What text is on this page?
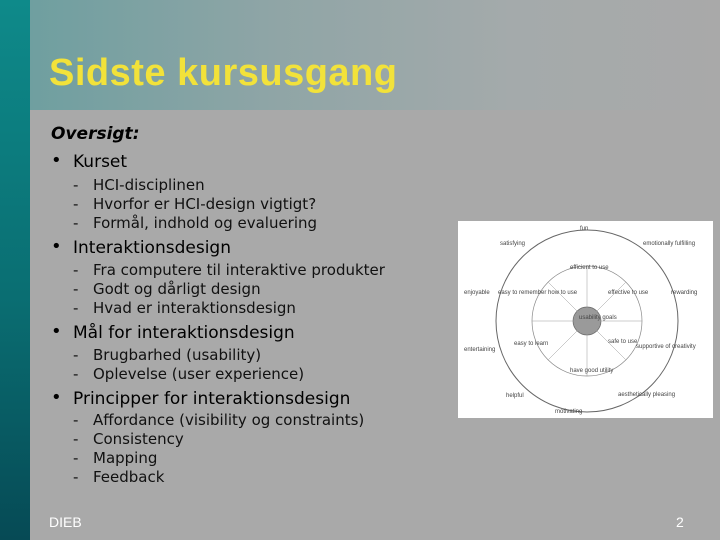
Sidste kursusgang
Oversigt:
• Kurset
- HCI-disciplinen
- Hvorfor er HCI-design vigtigt?
- Formål, indhold og evaluering
• Interaktionsdesign
- Fra computere til interaktive produkter
- Godt og dårligt design
- Hvad er interaktionsdesign
• Mål for interaktionsdesign
- Brugbarhed (usability)
- Oplevelse (user experience)
• Principper for interaktionsdesign
- Affordance (visibility og constraints)
- Consistency
- Mapping
- Feedback
usability goals
efficient to use
effective to use
safe to use
have good utility
easy to learn
easy to remember how to use
fun
emotionally fulfilling
rewarding
supportive of creativity
aesthetically pleasing
motivating
helpful
entertaining
enjoyable
satisfying
DIEB	2
